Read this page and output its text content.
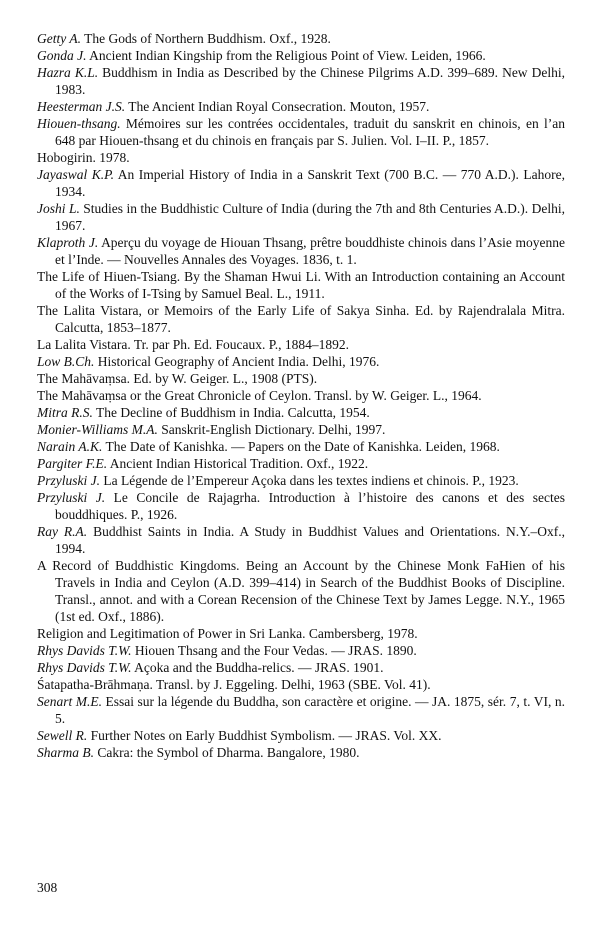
Getty A. The Gods of Northern Buddhism. Oxf., 1928.

Gonda J. Ancient Indian Kingship from the Religious Point of View. Leiden, 1966.

Hazra K.L. Buddhism in India as Described by the Chinese Pilgrims A.D. 399–689. New Delhi, 1983.

Heesterman J.S. The Ancient Indian Royal Consecration. Mouton, 1957.

Hiouen-thsang. Mémoires sur les contrées occidentales, traduit du sanskrit en chinois, en l’an 648 par Hiouen-thsang et du chinois en français par S. Julien. Vol. I–II. P., 1857.

Hobogirin. 1978.

Jayaswal K.P. An Imperial History of India in a Sanskrit Text (700 B.C. — 770 A.D.). Lahore, 1934.

Joshi L. Studies in the Buddhistic Culture of India (during the 7th and 8th Centuries A.D.). Delhi, 1967.

Klaproth J. Aperçu du voyage de Hiouan Thsang, prêtre bouddhiste chinois dans l’Asie moyenne et l’Inde. — Nouvelles Annales des Voyages. 1836, t. 1.

The Life of Hiuen-Tsiang. By the Shaman Hwui Li. With an Introduction containing an Account of the Works of I-Tsing by Samuel Beal. L., 1911.

The Lalita Vistara, or Memoirs of the Early Life of Sakya Sinha. Ed. by Rajendralala Mitra. Calcutta, 1853–1877.

La Lalita Vistara. Tr. par Ph. Ed. Foucaux. P., 1884–1892.

Low B.Ch. Historical Geography of Ancient India. Delhi, 1976.

The Mahāvaṃsa. Ed. by W. Geiger. L., 1908 (PTS).

The Mahāvaṃsa or the Great Chronicle of Ceylon. Transl. by W. Geiger. L., 1964.

Mitra R.S. The Decline of Buddhism in India. Calcutta, 1954.

Monier-Williams M.A. Sanskrit-English Dictionary. Delhi, 1997.

Narain A.K. The Date of Kanishka. — Papers on the Date of Kanishka. Leiden, 1968.

Pargiter F.E. Ancient Indian Historical Tradition. Oxf., 1922.

Przyluski J. La Légende de l’Empereur Açoka dans les textes indiens et chinois. P., 1923.

Przyluski J. Le Concile de Rajagrha. Introduction à l’histoire des canons et des sectes bouddhiques. P., 1926.

Ray R.A. Buddhist Saints in India. A Study in Buddhist Values and Orientations. N.Y.–Oxf., 1994.

A Record of Buddhistic Kingdoms. Being an Account by the Chinese Monk FaHien of his Travels in India and Ceylon (A.D. 399–414) in Search of the Buddhist Books of Discipline. Transl., annot. and with a Corean Recension of the Chinese Text by James Legge. N.Y., 1965 (1st ed. Oxf., 1886).

Religion and Legitimation of Power in Sri Lanka. Cambersberg, 1978.

Rhys Davids T.W. Hiouen Thsang and the Four Vedas. — JRAS. 1890.

Rhys Davids T.W. Açoka and the Buddha-relics. — JRAS. 1901.

Śatapatha-Brāhmaṇa. Transl. by J. Eggeling. Delhi, 1963 (SBE. Vol. 41).

Senart M.E. Essai sur la légende du Buddha, son caractère et origine. — JA. 1875, sér. 7, t. VI, n. 5.

Sewell R. Further Notes on Early Buddhist Symbolism. — JRAS. Vol. XX.

Sharma B. Cakra: the Symbol of Dharma. Bangalore, 1980.

308
